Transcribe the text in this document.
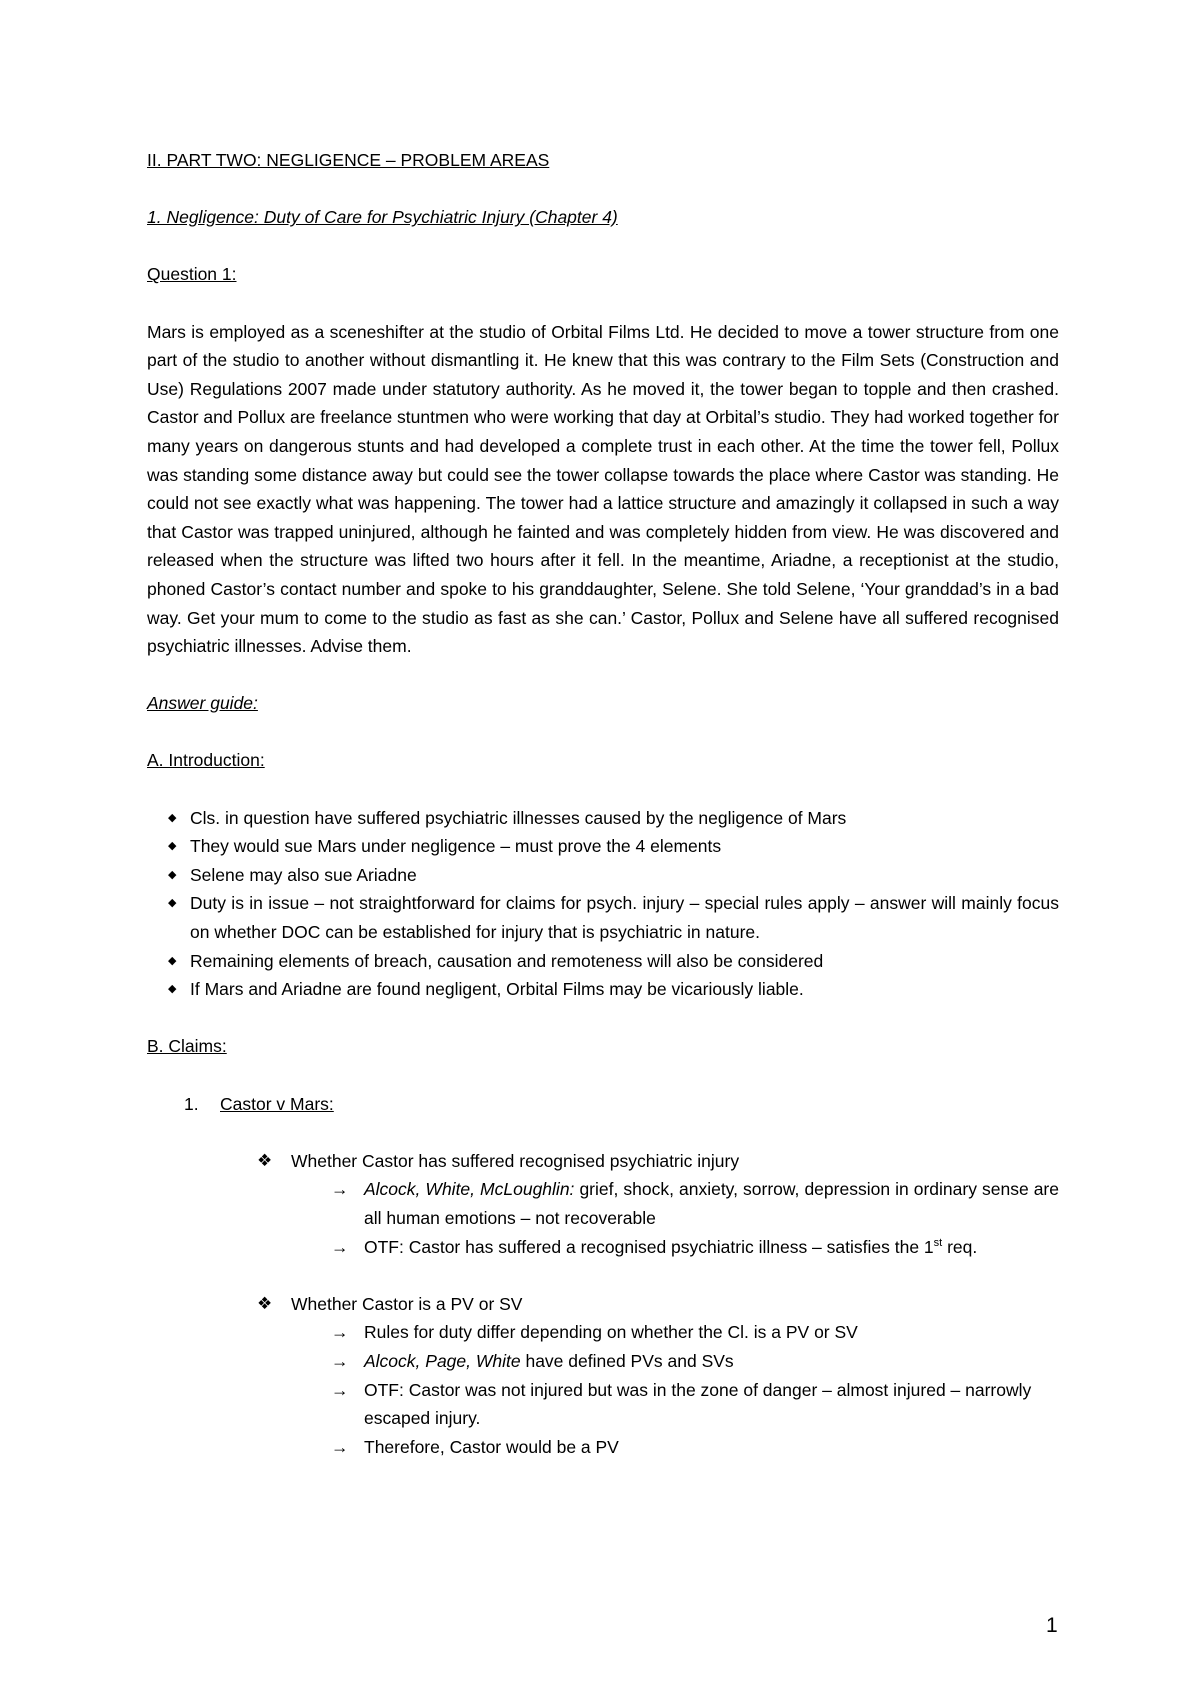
II. PART TWO: NEGLIGENCE – PROBLEM AREAS

1. Negligence: Duty of Care for Psychiatric Injury (Chapter 4)

Question 1:

Mars is employed as a sceneshifter at the studio of Orbital Films Ltd. He decided to move a tower structure from one part of the studio to another without dismantling it. He knew that this was contrary to the Film Sets (Construction and Use) Regulations 2007 made under statutory authority. As he moved it, the tower began to topple and then crashed. Castor and Pollux are freelance stuntmen who were working that day at Orbital’s studio. They had worked together for many years on dangerous stunts and had developed a complete trust in each other. At the time the tower fell, Pollux was standing some distance away but could see the tower collapse towards the place where Castor was standing. He could not see exactly what was happening. The tower had a lattice structure and amazingly it collapsed in such a way that Castor was trapped uninjured, although he fainted and was completely hidden from view. He was discovered and released when the structure was lifted two hours after it fell. In the meantime, Ariadne, a receptionist at the studio, phoned Castor’s contact number and spoke to his granddaughter, Selene. She told Selene, ‘Your granddad’s in a bad way. Get your mum to come to the studio as fast as she can.’ Castor, Pollux and Selene have all suffered recognised psychiatric illnesses. Advise them.

Answer guide:

A. Introduction:

◆ Cls. in question have suffered psychiatric illnesses caused by the negligence of Mars
◆ They would sue Mars under negligence – must prove the 4 elements
◆ Selene may also sue Ariadne
◆ Duty is in issue – not straightforward for claims for psych. injury – special rules apply – answer will mainly focus on whether DOC can be established for injury that is psychiatric in nature.
◆ Remaining elements of breach, causation and remoteness will also be considered
◆ If Mars and Ariadne are found negligent, Orbital Films may be vicariously liable.

B. Claims:

1. Castor v Mars:

❖ Whether Castor has suffered recognised psychiatric injury

→ Alcock, White, McLoughlin: grief, shock, anxiety, sorrow, depression in ordinary sense are all human emotions – not recoverable

→ OTF: Castor has suffered a recognised psychiatric illness – satisfies the 1st req.

❖ Whether Castor is a PV or SV

→ Rules for duty differ depending on whether the Cl. is a PV or SV

→ Alcock, Page, White have defined PVs and SVs

→ OTF: Castor was not injured but was in the zone of danger – almost injured – narrowly escaped injury.

→ Therefore, Castor would be a PV

1
